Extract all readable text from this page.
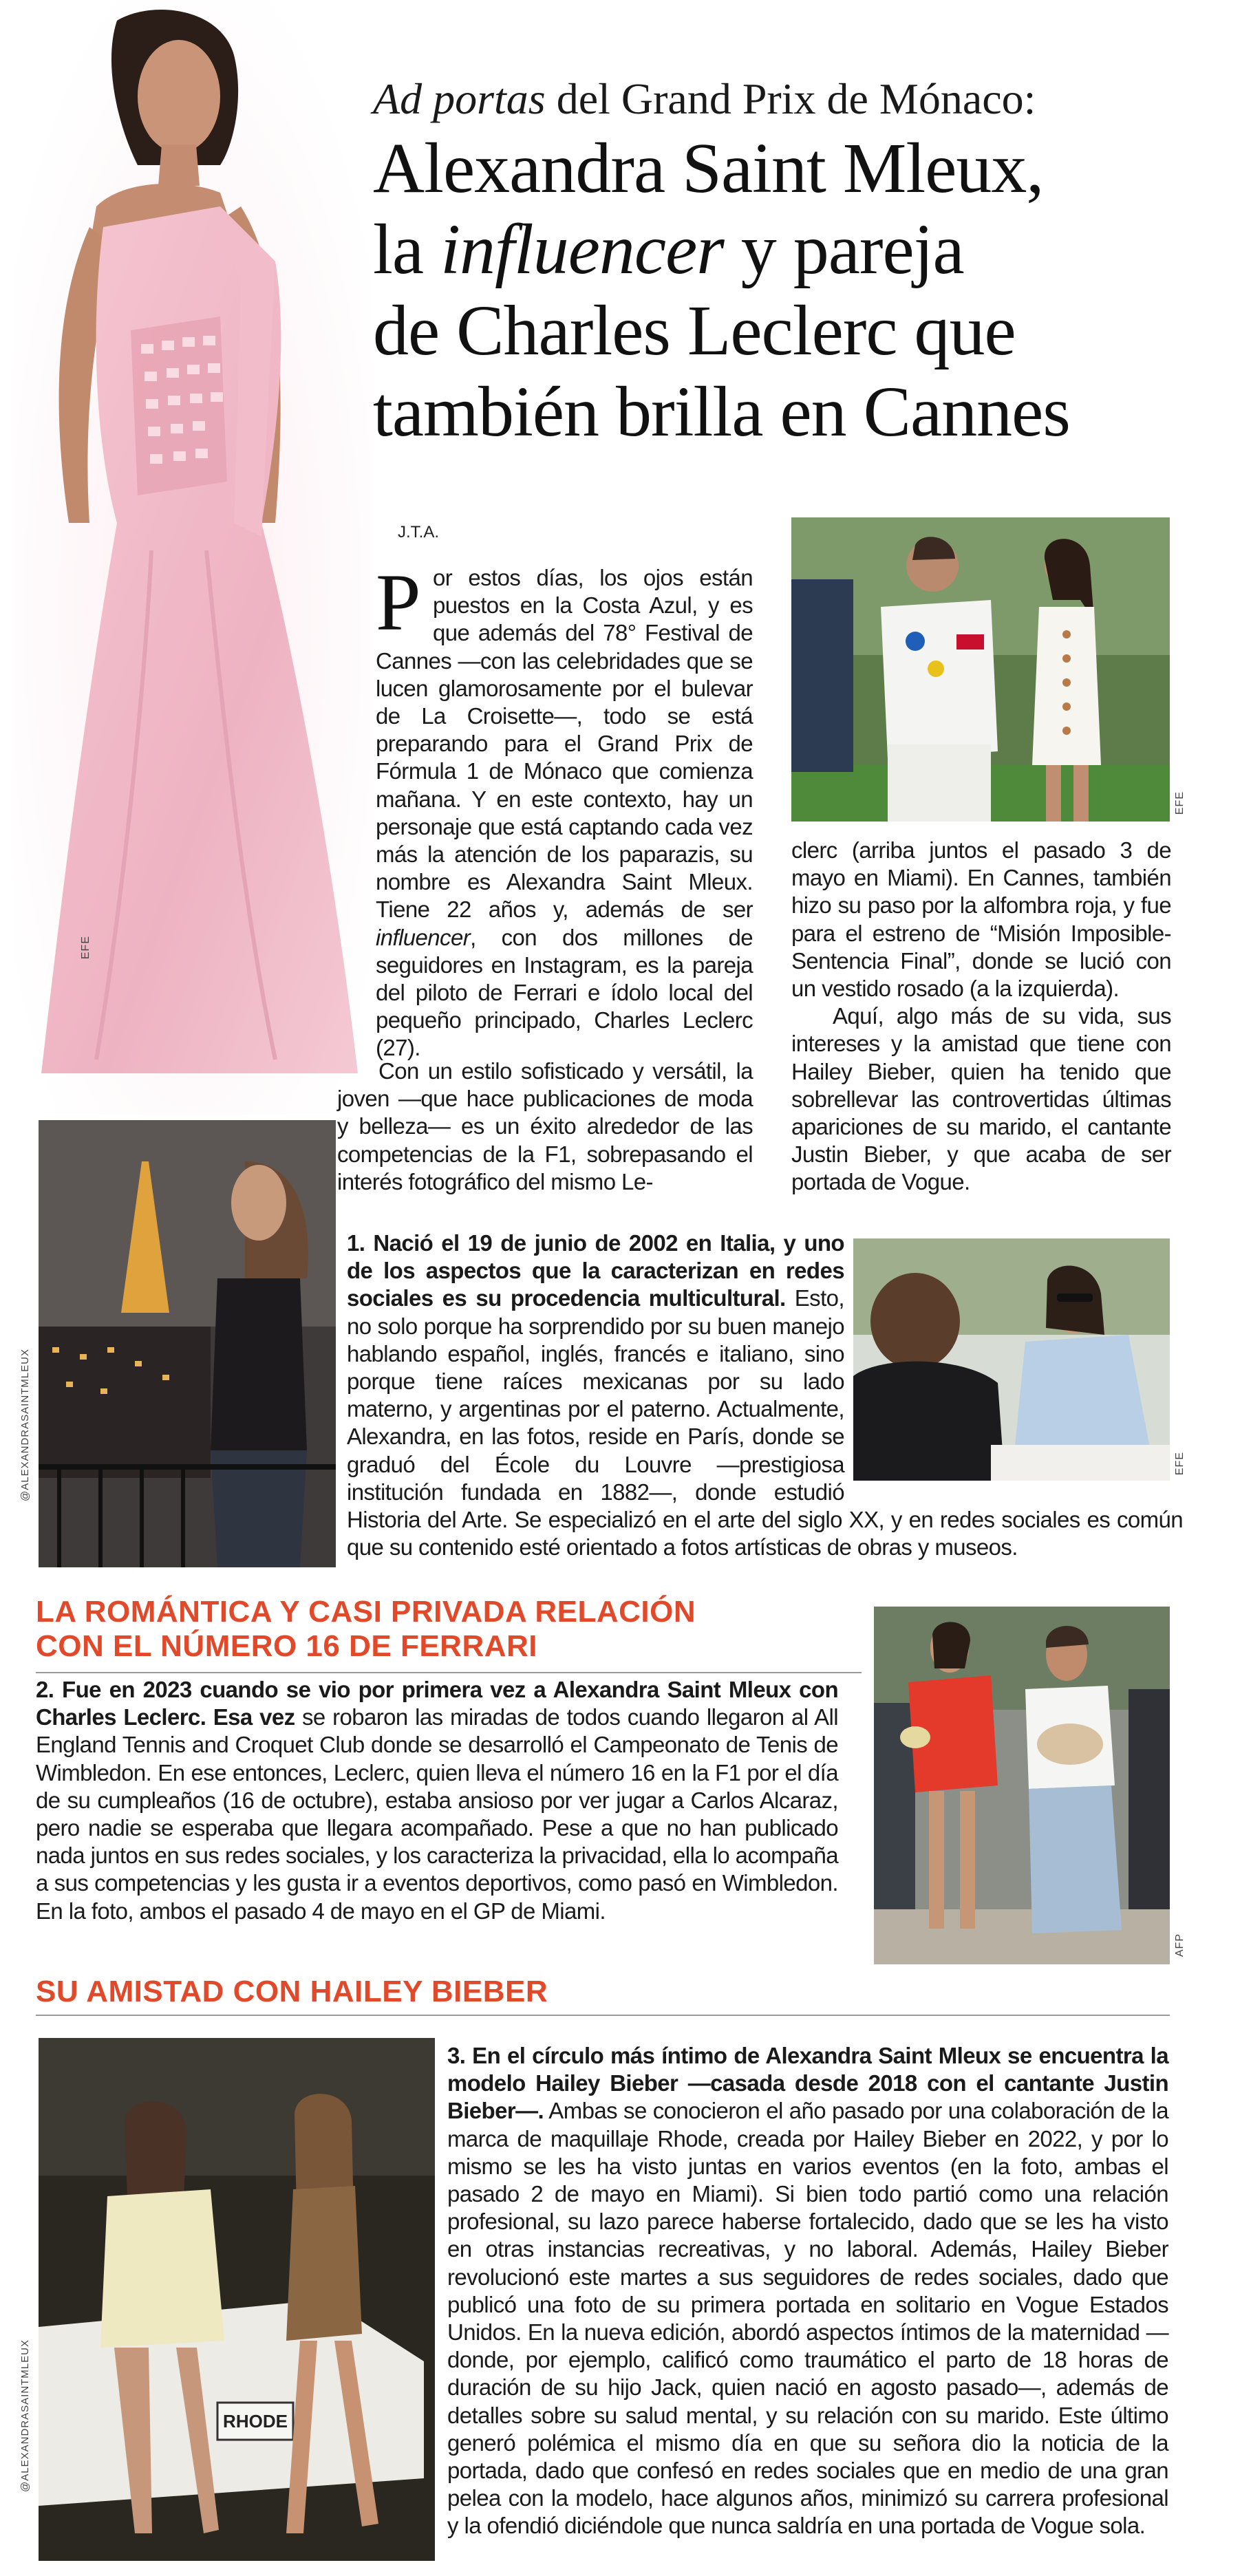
EFE
Ad portas del Grand Prix de Mónaco:
Alexandra Saint Mleux,
la influencer y pareja
de Charles Leclerc que
también brilla en Cannes
J.T.A.

Por estos días, los ojos están puestos en la Costa Azul, y es que además del 78° Festival de Cannes —con las celebridades que se lucen glamorosamente por el bulevar de La Croisette—, todo se está preparando para el Grand Prix de Fórmula 1 de Mónaco que comienza mañana. Y en este contexto, hay un personaje que está captando cada vez más la atención de los paparazis, su nombre es Alexandra Saint Mleux. Tiene 22 años y, además de ser influencer, con dos millones de seguidores en Instagram, es la pareja del piloto de Ferrari e ídolo local del pequeño principado, Charles Leclerc (27).

Con un estilo sofisticado y versátil, la joven —que hace publicaciones de moda y belleza— es un éxito alrededor de las competencias de la F1, sobrepasando el interés fotográfico del mismo Le-

EFE

clerc (arriba juntos el pasado 3 de mayo en Miami). En Cannes, también hizo su paso por la alfombra roja, y fue para el estreno de “Misión Imposible-Sentencia Final”, donde se lució con un vestido rosado (a la izquierda).

Aquí, algo más de su vida, sus intereses y la amistad que tiene con Hailey Bieber, quien ha tenido que sobrellevar las controvertidas últimas apariciones de su marido, el cantante Justin Bieber, y que acaba de ser portada de Vogue.

@ALEXANDRASAINTMLEUX	EFE

1. Nació el 19 de junio de 2002 en Italia, y uno de los aspectos que la caracterizan en redes sociales es su procedencia multicultural. Esto, no solo porque ha sorprendido por su buen manejo hablando español, inglés, francés e italiano, sino porque tiene raíces mexicanas por su lado materno, y argentinas por el paterno. Actualmente, Alexandra, en las fotos, reside en París, donde se graduó del École du Louvre —prestigiosa institución fundada en 1882—, donde estudió Historia del Arte. Se especializó en el arte del siglo XX, y en redes sociales es común que su contenido esté orientado a fotos artísticas de obras y museos.

LA ROMÁNTICA Y CASI PRIVADA RELACIÓN
CON EL NÚMERO 16 DE FERRARI
AFP

2. Fue en 2023 cuando se vio por primera vez a Alexandra Saint Mleux con Charles Leclerc. Esa vez se robaron las miradas de todos cuando llegaron al All England Tennis and Croquet Club donde se desarrolló el Campeonato de Tenis de Wimbledon. En ese entonces, Leclerc, quien lleva el número 16 en la F1 por el día de su cumpleaños (16 de octubre), estaba ansioso por ver jugar a Carlos Alcaraz, pero nadie se esperaba que llegara acompañado. Pese a que no han publicado nada juntos en sus redes sociales, y los caracteriza la privacidad, ella lo acompaña a sus competencias y les gusta ir a eventos deportivos, como pasó en Wimbledon. En la foto, ambos el pasado 4 de mayo en el GP de Miami.

SU AMISTAD CON HAILEY BIEBER
RHODE
@ALEXANDRASAINTMLEUX

3. En el círculo más íntimo de Alexandra Saint Mleux se encuentra la modelo Hailey Bieber —casada desde 2018 con el cantante Justin Bieber—. Ambas se conocieron el año pasado por una colaboración de la marca de maquillaje Rhode, creada por Hailey Bieber en 2022, y por lo mismo se les ha visto juntas en varios eventos (en la foto, ambas el pasado 2 de mayo en Miami). Si bien todo partió como una relación profesional, su lazo parece haberse fortalecido, dado que se les ha visto en otras instancias recreativas, y no laboral. Además, Hailey Bieber revolucionó este martes a sus seguidores de redes sociales, dado que publicó una foto de su primera portada en solitario en Vogue Estados Unidos. En la nueva edición, abordó aspectos íntimos de la maternidad —donde, por ejemplo, calificó como traumático el parto de 18 horas de duración de su hijo Jack, quien nació en agosto pasado—, además de detalles sobre su salud mental, y su relación con su marido. Este último generó polémica el mismo día en que su señora dio la noticia de la portada, dado que confesó en redes sociales que en medio de una gran pelea con la modelo, hace algunos años, minimizó su carrera profesional y la ofendió diciéndole que nunca saldría en una portada de Vogue sola.
